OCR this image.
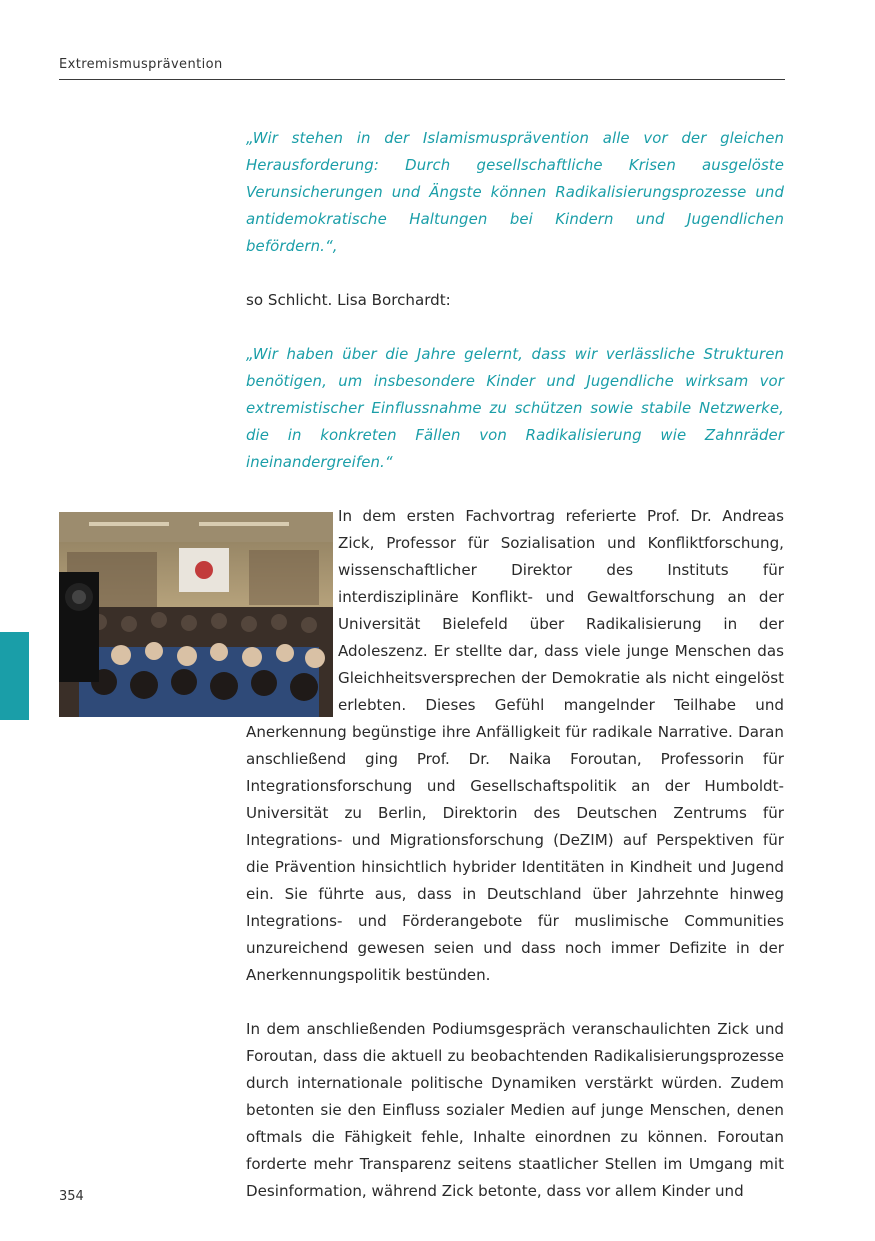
Extremismusprävention

„Wir stehen in der Islamismusprävention alle vor der gleichen Herausforderung: Durch gesellschaftliche Krisen ausgelöste Verunsicherungen und Ängste können Radikalisierungsprozesse und antidemokratische Haltungen bei Kindern und Jugendlichen befördern.“,

so Schlicht. Lisa Borchardt:

„Wir haben über die Jahre gelernt, dass wir verlässliche Strukturen benötigen, um insbesondere Kinder und Jugendliche wirksam vor extremistischer Einflussnahme zu schützen sowie stabile Netzwerke, die in konkreten Fällen von Radikalisierung wie Zahnräder ineinandergreifen.“

In dem ersten Fachvortrag referierte Prof. Dr. Andreas Zick, Professor für Sozialisation und Konfliktforschung, wissenschaftlicher Direktor des Instituts für interdisziplinäre Konflikt- und Gewaltforschung an der Universität Bielefeld über Radikalisierung in der Adoleszenz. Er stellte dar, dass viele junge Menschen das Gleichheitsversprechen der Demokratie als nicht eingelöst erlebten. Dieses Gefühl mangelnder Teilhabe und Anerkennung begünstige ihre Anfälligkeit für radikale Narrative. Daran anschließend ging Prof. Dr. Naika Foroutan, Professorin für Integrationsforschung und Gesellschaftspolitik an der Humboldt-Universität zu Berlin, Direktorin des Deutschen Zentrums für Integrations- und Migrationsforschung (DeZIM) auf Perspektiven für die Prävention hinsichtlich hybrider Identitäten in Kindheit und Jugend ein. Sie führte aus, dass in Deutschland über Jahrzehnte hinweg Integrations- und Förderangebote für muslimische Communities unzureichend gewesen seien und dass noch immer Defizite in der Anerkennungspolitik bestünden.

In dem anschließenden Podiumsgespräch veranschaulichten Zick und Foroutan, dass die aktuell zu beobachtenden Radikalisierungsprozesse durch internationale politische Dynamiken verstärkt würden. Zudem betonten sie den Einfluss sozialer Medien auf junge Menschen, denen oftmals die Fähigkeit fehle, Inhalte einordnen zu können. Foroutan forderte mehr Transparenz seitens staatlicher Stellen im Umgang mit Desinformation, während Zick betonte, dass vor allem Kinder und

354
